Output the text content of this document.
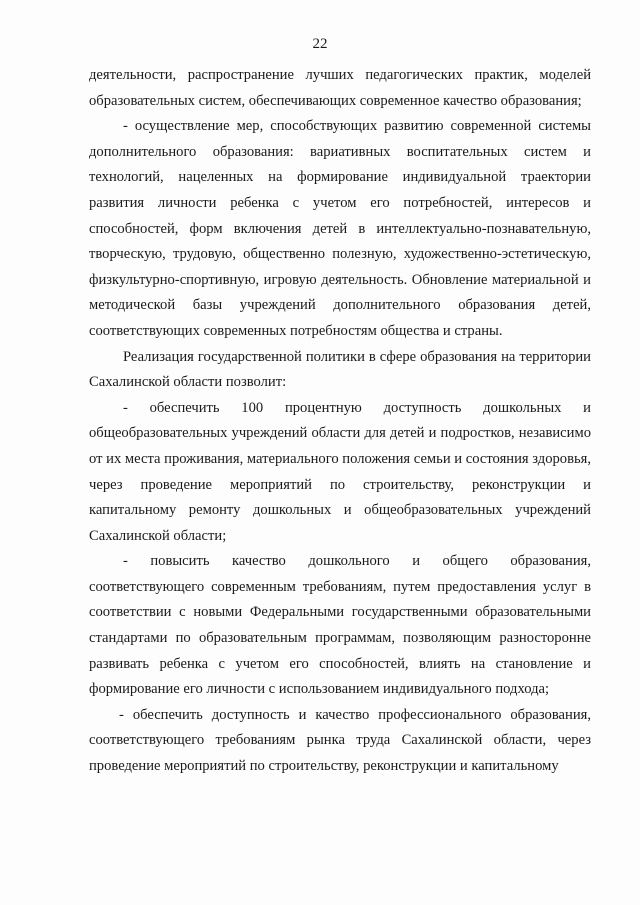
22

деятельности, распространение лучших педагогических практик, моделей образовательных систем, обеспечивающих современное качество образования;

- осуществление мер, способствующих развитию современной системы дополнительного образования: вариативных воспитательных систем и технологий, нацеленных на формирование индивидуальной траектории развития личности ребенка с учетом его потребностей, интересов и способностей, форм включения детей в интеллектуально-познавательную, творческую, трудовую, общественно полезную, художественно-эстетическую, физкультурно-спортивную, игровую деятельность. Обновление материальной и методической базы учреждений дополнительного образования детей, соответствующих современных потребностям общества и страны.

Реализация государственной политики в сфере образования на территории Сахалинской области позволит:

- обеспечить 100 процентную доступность дошкольных и общеобразовательных учреждений области для детей и подростков, независимо от их места проживания, материального положения семьи и состояния здоровья, через проведение мероприятий по строительству, реконструкции и капитальному ремонту дошкольных и общеобразовательных учреждений Сахалинской области;

- повысить качество дошкольного и общего образования, соответствующего современным требованиям, путем предоставления услуг в соответствии с новыми Федеральными государственными образовательными стандартами по образовательным программам, позволяющим разносторонне развивать ребенка с учетом его способностей, влиять на становление и формирование его личности с использованием индивидуального подхода;

- обеспечить доступность и качество профессионального образования, соответствующего требованиям рынка труда Сахалинской области, через проведение мероприятий по строительству, реконструкции и капитальному
